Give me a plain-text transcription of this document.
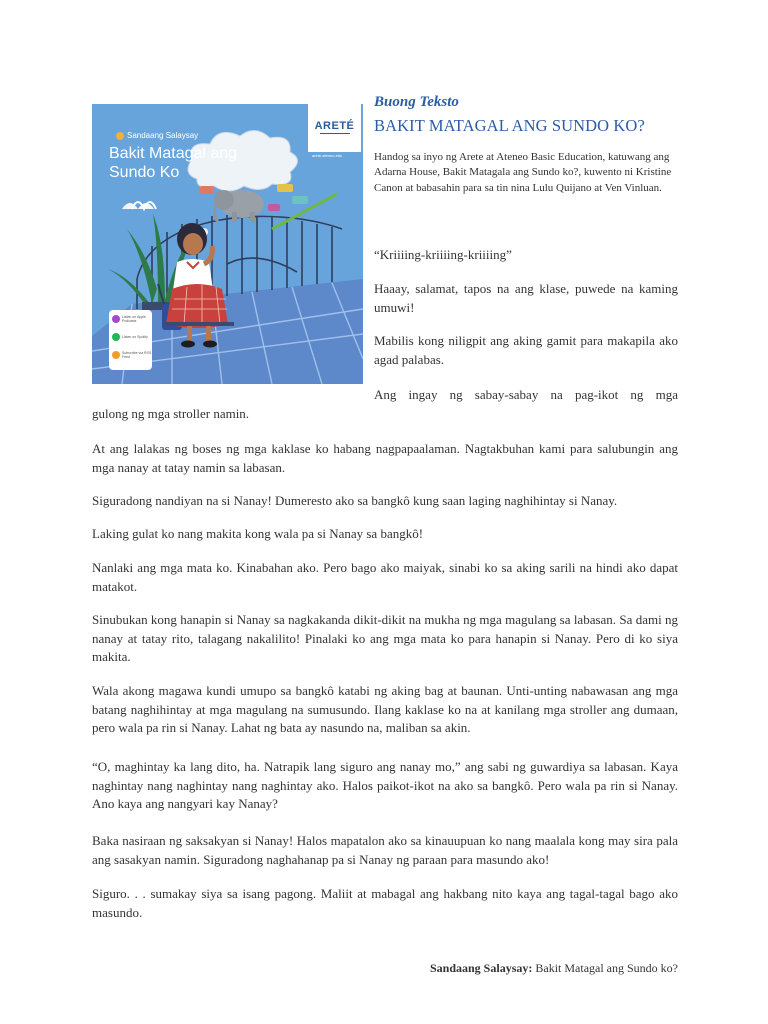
Sandaang Salaysay
Bakit Matagal ang Sundo Ko
ARETÉ
arete.ateneo.edu
Listen on Apple Podcasts
Listen on Spotify
Subscribe via RSS Feed
Buong Teksto
BAKIT MATAGAL ANG SUNDO KO?
Handog sa inyo ng Arete at Ateneo Basic Education, katuwang ang Adarna House, Bakit Matagala ang Sundo ko?, kuwento ni Kristine Canon at babasahin para sa tin nina Lulu Quijano at Ven Vinluan.

“Kriiiing-kriiiing-kriiiing”

Haaay, salamat, tapos na ang klase, puwede na kaming umuwi!

Mabilis kong niligpit ang aking gamit para makapila ako agad palabas.

Ang ingay ng sabay-sabay na pag-ikot ng mga

gulong ng mga stroller namin.

At ang lalakas ng boses ng mga kaklase ko habang nagpapaalaman. Nagtakbuhan kami para salubungin ang mga nanay at tatay namin sa labasan.

Siguradong nandiyan na si Nanay! Dumeresto ako sa bangkô kung saan laging naghihintay si Nanay.

Laking gulat ko nang makita kong wala pa si Nanay sa bangkô!

Nanlaki ang mga mata ko. Kinabahan ako. Pero bago ako maiyak, sinabi ko sa aking sarili na hindi ako dapat matakot.

Sinubukan kong hanapin si Nanay sa nagkakanda dikit-dikit na mukha ng mga magulang sa labasan. Sa dami ng nanay at tatay rito, talagang nakalilito! Pinalaki ko ang mga mata ko para hanapin si Nanay. Pero di ko siya makita.

Wala akong magawa kundi umupo sa bangkô katabi ng aking bag at baunan. Unti-unting nabawasan ang mga batang naghihintay at mga magulang na sumusundo. Ilang kaklase ko na at kanilang mga stroller ang dumaan, pero wala pa rin si Nanay. Lahat ng bata ay nasundo na, maliban sa akin.

“O, maghintay ka lang dito, ha. Natrapik lang siguro ang nanay mo,” ang sabi ng guwardiya sa labasan. Kaya naghintay nang naghintay nang naghintay ako. Halos paikot-ikot na ako sa bangkô. Pero wala pa rin si Nanay. Ano kaya ang nangyari kay Nanay?

Baka nasiraan ng saksakyan si Nanay! Halos mapatalon ako sa kinauupuan ko nang maalala kong may sira pala ang sasakyan namin. Siguradong naghahanap pa si Nanay ng paraan para masundo ako!

Siguro. . . sumakay siya sa isang pagong. Maliit at mabagal ang hakbang nito kaya ang tagal-tagal bago ako masundo.

Sandaang Salaysay: Bakit Matagal ang Sundo ko?
